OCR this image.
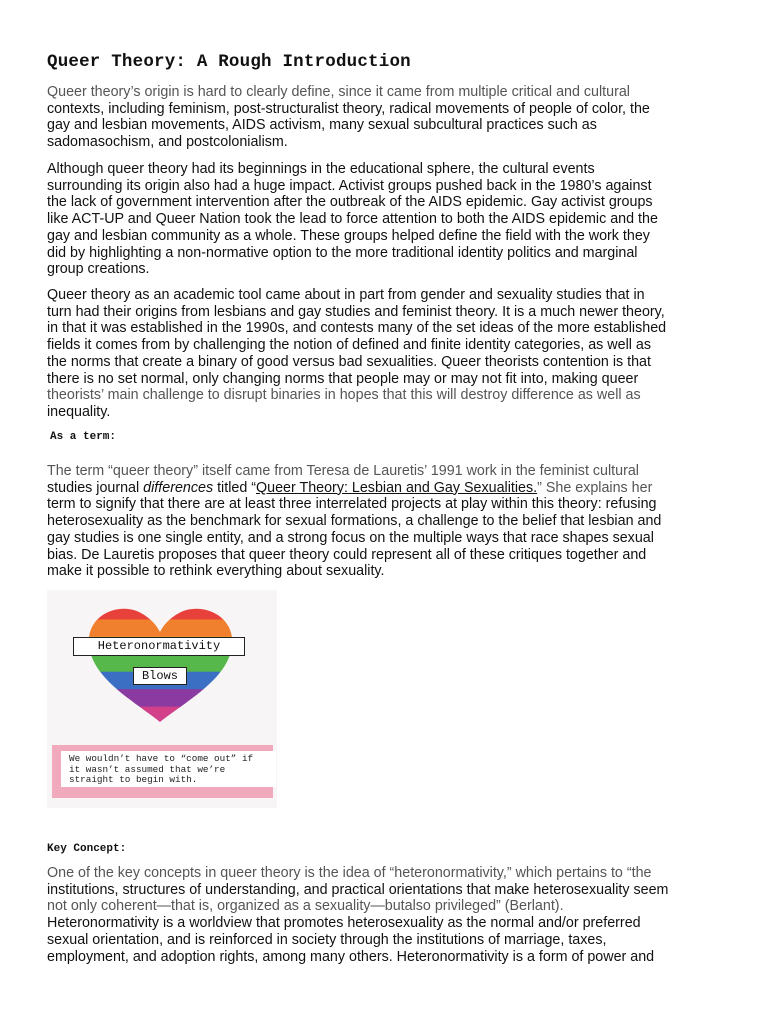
Queer Theory: A Rough Introduction
Queer theory’s origin is hard to clearly define, since it came from multiple critical and cultural
contexts, including feminism, post-structuralist theory, radical movements of people of color, the
gay and lesbian movements, AIDS activism, many sexual subcultural practices such as
sadomasochism, and postcolonialism.
Although queer theory had its beginnings in the educational sphere, the cultural events
surrounding its origin also had a huge impact. Activist groups pushed back in the 1980’s against
the lack of government intervention after the outbreak of the AIDS epidemic. Gay activist groups
like ACT-UP and Queer Nation took the lead to force attention to both the AIDS epidemic and the
gay and lesbian community as a whole. These groups helped define the field with the work they
did by highlighting a non-normative option to the more traditional identity politics and marginal
group creations.
Queer theory as an academic tool came about in part from gender and sexuality studies that in
turn had their origins from lesbians and gay studies and feminist theory. It is a much newer theory,
in that it was established in the 1990s, and contests many of the set ideas of the more established
fields it comes from by challenging the notion of defined and finite identity categories, as well as
the norms that create a binary of good versus bad sexualities. Queer theorists contention is that
there is no set normal, only changing norms that people may or may not fit into, making queer
theorists’ main challenge to disrupt binaries in hopes that this will destroy difference as well as
inequality.
As a term:
The term “queer theory” itself came from Teresa de Lauretis’ 1991 work in the feminist cultural
studies journal differences titled “Queer Theory: Lesbian and Gay Sexualities.” She explains her
term to signify that there are at least three interrelated projects at play within this theory: refusing
heterosexuality as the benchmark for sexual formations, a challenge to the belief that lesbian and
gay studies is one single entity, and a strong focus on the multiple ways that race shapes sexual
bias. De Lauretis proposes that queer theory could represent all of these critiques together and
make it possible to rethink everything about sexuality.
Heteronormativity
Blows
We wouldn’t have to “come out” if
it wasn’t assumed that we’re
straight to begin with.
Key Concept:
One of the key concepts in queer theory is the idea of “heteronormativity,” which pertains to “the
institutions, structures of understanding, and practical orientations that make heterosexuality seem
not only coherent—that is, organized as a sexuality—butalso privileged” (Berlant).
Heteronormativity is a worldview that promotes heterosexuality as the normal and/or preferred
sexual orientation, and is reinforced in society through the institutions of marriage, taxes,
employment, and adoption rights, among many others. Heteronormativity is a form of power and
